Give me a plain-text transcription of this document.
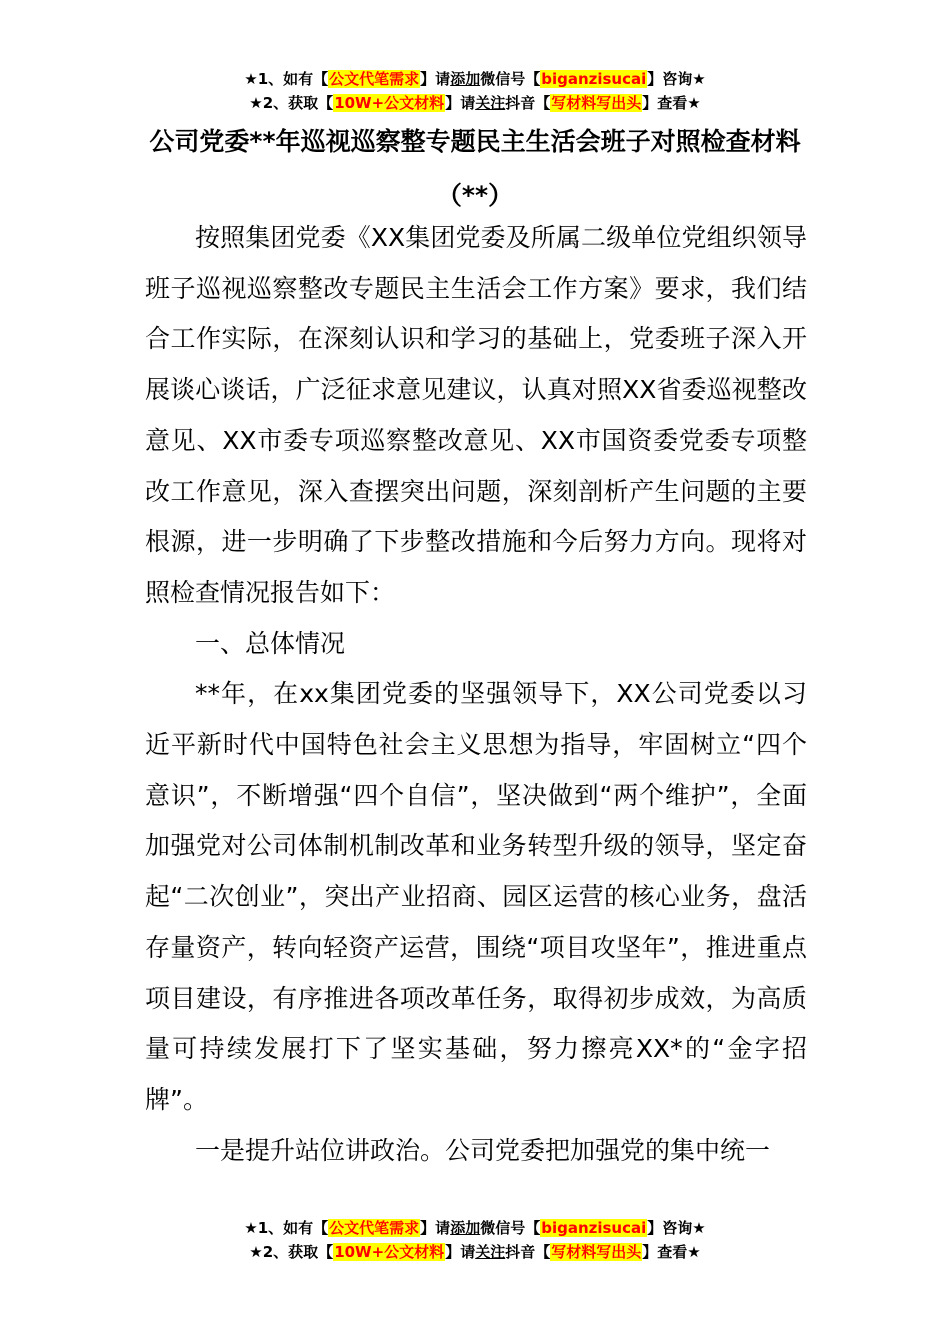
★1、如有【公文代笔需求】请添加微信号【biganzisucai】咨询★
★2、获取【10W+公文材料】请关注抖音【写材料写出头】查看★
公司党委**年巡视巡察整专题民主生活会班子对照检查材料（**）

按照集团党委《XX集团党委及所属二级单位党组织领导班子巡视巡察整改专题民主生活会工作方案》要求，我们结合工作实际，在深刻认识和学习的基础上，党委班子深入开展谈心谈话，广泛征求意见建议，认真对照XX省委巡视整改意见、XX市委专项巡察整改意见、XX市国资委党委专项整改工作意见，深入查摆突出问题，深刻剖析产生问题的主要根源，进一步明确了下步整改措施和今后努力方向。现将对照检查情况报告如下：

一、总体情况

**年，在xx集团党委的坚强领导下，XX公司党委以习近平新时代中国特色社会主义思想为指导，牢固树立“四个意识”，不断增强“四个自信”，坚决做到“两个维护”，全面加强党对公司体制机制改革和业务转型升级的领导，坚定奋起“二次创业”，突出产业招商、园区运营的核心业务，盘活存量资产，转向轻资产运营，围绕“项目攻坚年”，推进重点项目建设，有序推进各项改革任务，取得初步成效，为高质量可持续发展打下了坚实基础，努力擦亮XX*的“金字招牌”。

一是提升站位讲政治。公司党委把加强党的集中统一

★1、如有【公文代笔需求】请添加微信号【biganzisucai】咨询★
★2、获取【10W+公文材料】请关注抖音【写材料写出头】查看★
